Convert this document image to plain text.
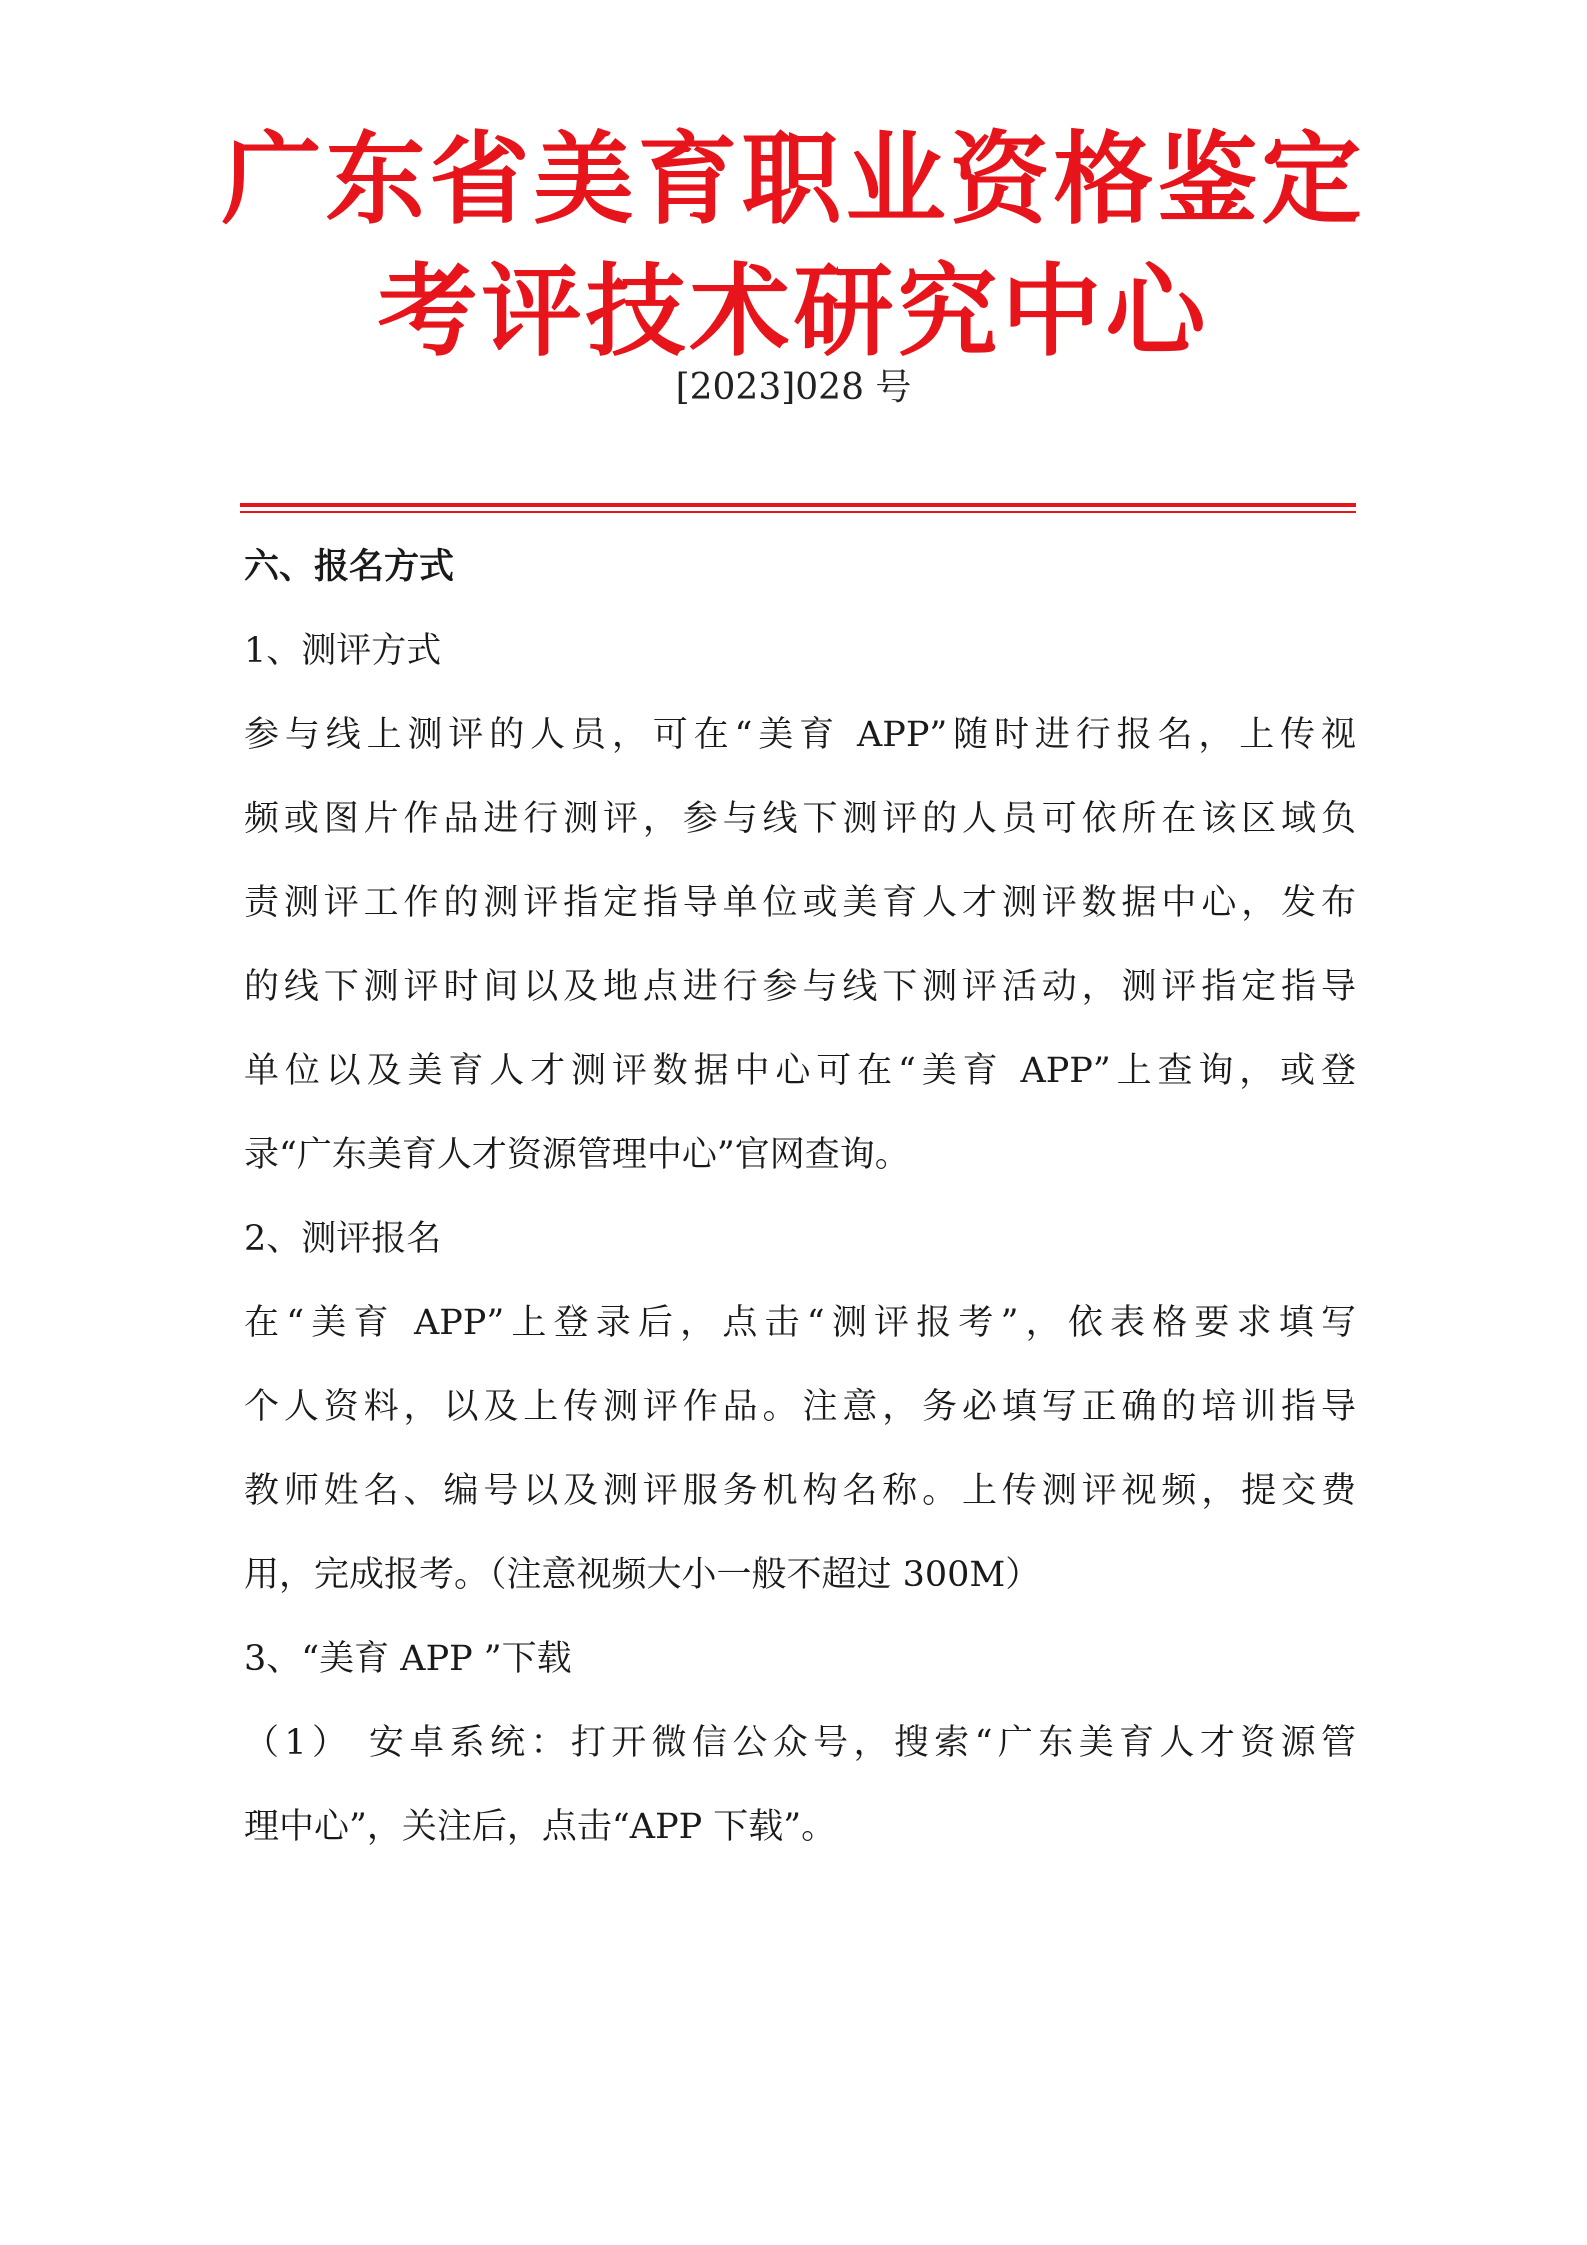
广东省美育职业资格鉴定
考评技术研究中心
[2023]028 号
六、报名方式
1、测评方式
参与线上测评的人员，可在“美育 APP”随时进行报名，上传视
频或图片作品进行测评，参与线下测评的人员可依所在该区域负
责测评工作的测评指定指导单位或美育人才测评数据中心，发布
的线下测评时间以及地点进行参与线下测评活动，测评指定指导
单位以及美育人才测评数据中心可在“美育 APP”上查询，或登
录“广东美育人才资源管理中心”官网查询。
2、测评报名
在“美育 APP”上登录后，点击“测评报考”，依表格要求填写
个人资料，以及上传测评作品。注意，务必填写正确的培训指导
教师姓名、编号以及测评服务机构名称。上传测评视频，提交费
用，完成报考。（注意视频大小一般不超过 300M）
3、“美育 APP ”下载
（1） 安卓系统：打开微信公众号，搜索“广东美育人才资源管
理中心”，关注后，点击“APP 下载”。
